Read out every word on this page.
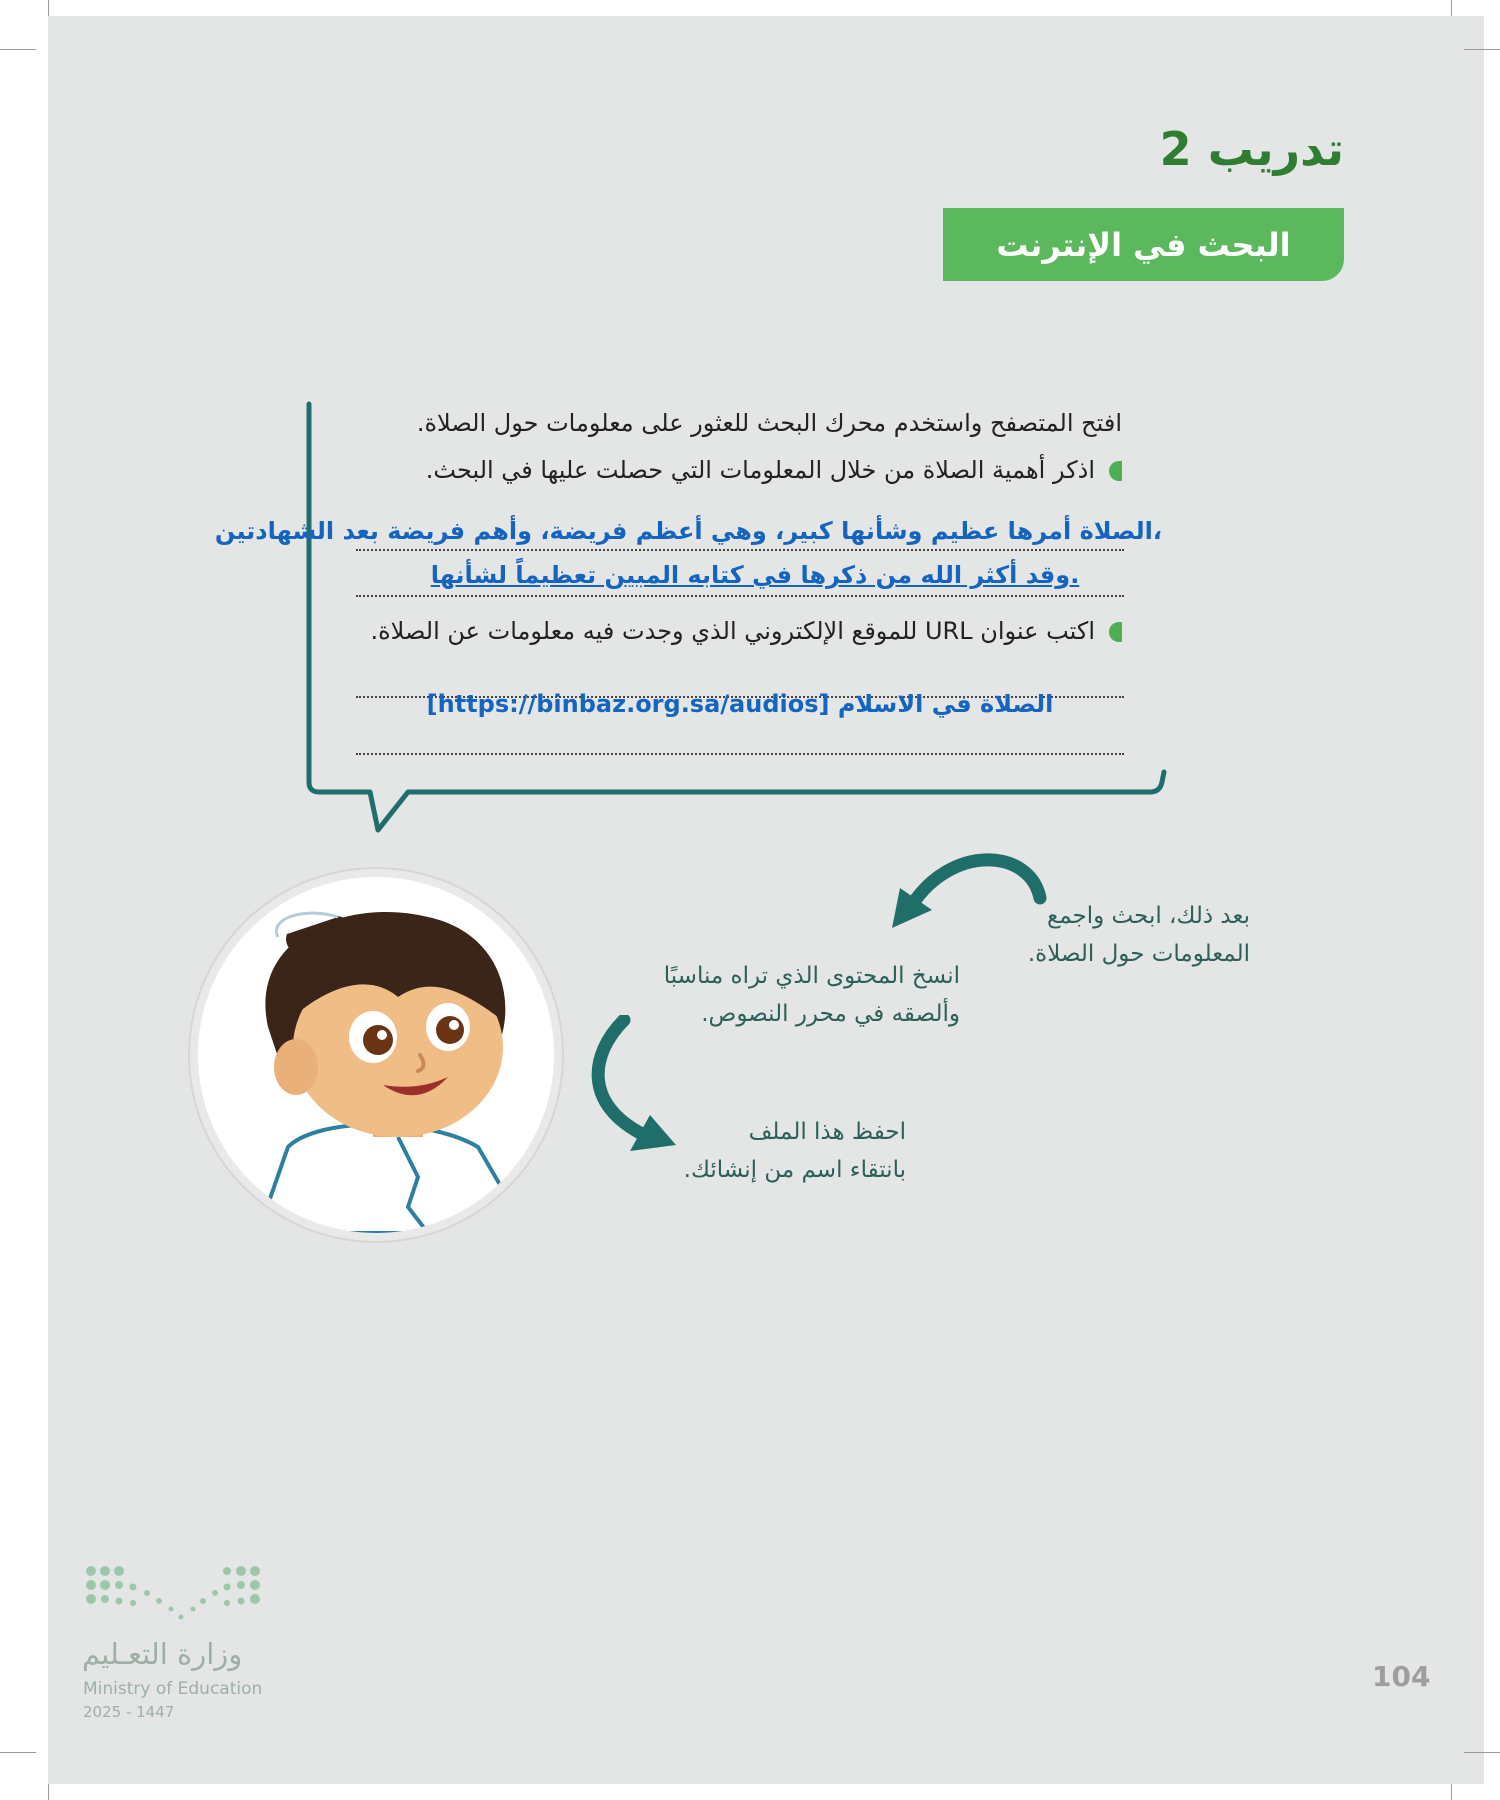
تدريب 2
البحث في الإنترنت
افتح المتصفح واستخدم محرك البحث للعثور على معلومات حول الصلاة.
اذكر أهمية الصلاة من خلال المعلومات التي حصلت عليها في البحث.
،الصلاة أمرها عظيم وشأنها كبير، وهي أعظم فريضة، وأهم فريضة بعد الشهادتين
.وقد أكثر الله من ذكرها في كتابه المبين تعظيماً لشأنها
اكتب عنوان URL للموقع الإلكتروني الذي وجدت فيه معلومات عن الصلاة.
الصلاة في الاسلام [https://binbaz.org.sa/audios]
بعد ذلك، ابحث واجمع
المعلومات حول الصلاة.
انسخ المحتوى الذي تراه مناسبًا
وألصقه في محرر النصوص.
احفظ هذا الملف
بانتقاء اسم من إنشائك.
104
وزارة التعـليم
Ministry of Education
2025 - 1447
